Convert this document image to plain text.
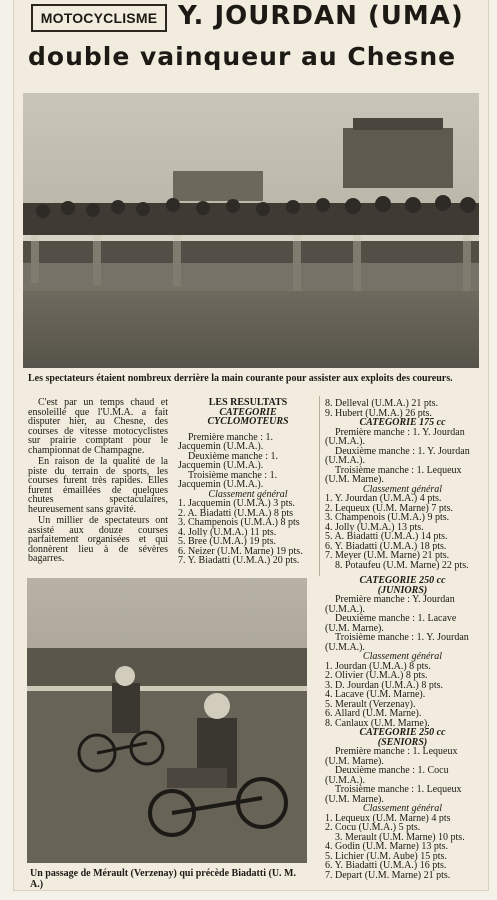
MOTOCYCLISME Y. JOURDAN (UMA)
double vainqueur au Chesne
Les spectateurs étaient nombreux derrière la main courante pour assister aux exploits des coureurs.

C'est par un temps chaud et ensoleillé que l'U.M.A. a fait disputer hier, au Chesne, des courses de vitesse motocyclistes sur prairie comptant pour le championnat de Champagne.

En raison de la qualité de la piste du terrain de sports, les courses furent très rapides. Elles furent émaillées de quelques chutes spectaculaires, heureusement sans gravité.

Un millier de spectateurs ont assisté aux douze courses parfaitement organisées et qui donnèrent lieu à de sévères bagarres.

LES RESULTATS
CATEGORIE
CYCLOMOTEURS

Première manche : 1. Jacquemin (U.M.A.).

Deuxième manche : 1. Jacquemin (U.M.A.).

Troisième manche : 1. Jacquemin (U.M.A.).

Classement général
1. Jacquemin (U.M.A.) 3 pts.
2. A. Biadatti (U.M.A.) 8 pts
3. Champenois (U.M.A.) 8 pts
4. Jolly (U.M.A.) 11 pts.
5. Bree (U.M.A.) 19 pts.
6. Neizer (U.M. Marne) 19 pts.
7. Y. Biadatti (U.M.A.) 20 pts.
8. Delleval (U.M.A.) 21 pts.
9. Hubert (U.M.A.) 26 pts.
CATEGORIE 175 cc

Première manche : 1. Y. Jourdan (U.M.A.).

Deuxième manche : 1. Y. Jourdan (U.M.A.).

Troisième manche : 1. Lequeux (U.M. Marne).

Classement général
1. Y. Jourdan (U.M.A.) 4 pts.
2. Lequeux (U.M. Marne) 7 pts.
3. Champenois (U.M.A.) 9 pts.
4. Jolly (U.M.A.) 13 pts.
5. A. Biadatti (U.M.A.) 14 pts.
6. Y. Biadatti (U.M.A.) 18 pts.
7. Meyer (U.M. Marne) 21 pts.

8. Potaufeu (U.M. Marne) 22 pts.

CATEGORIE 250 cc
(JUNIORS)

Première manche : Y. Jourdan (U.M.A.).

Deuxième manche : 1. Lacave (U.M. Marne).

Troisième manche : 1. Y. Jourdan (U.M.A.).

Classement général
1. Jourdan (U.M.A.) 8 pts.
2. Olivier (U.M.A.) 8 pts.
3. D. Jourdan (U.M.A.) 8 pts.
4. Lacave (U.M. Marne).
5. Merault (Verzenay).
6. Allard (U.M. Marne).
8. Canlaux (U.M. Marne).
CATEGORIE 250 cc
(SENIORS)

Première manche : 1. Lequeux (U.M. Marne).

Deuxième manche : 1. Cocu (U.M.A.).

Troisième manche : 1. Lequeux (U.M. Marne).

Classement général
1. Lequeux (U.M. Marne) 4 pts
2. Cocu (U.M.A.) 5 pts.

3. Merault (U.M. Marne) 10 pts.

4. Godin (U.M. Marne) 13 pts.
5. Lichier (U.M. Aube) 15 pts.
6. Y. Biadatti (U.M.A.) 16 pts.
7. Depart (U.M. Marne) 21 pts.
Un passage de Mérault (Verzenay) qui précède Biadatti (U. M. A.)
